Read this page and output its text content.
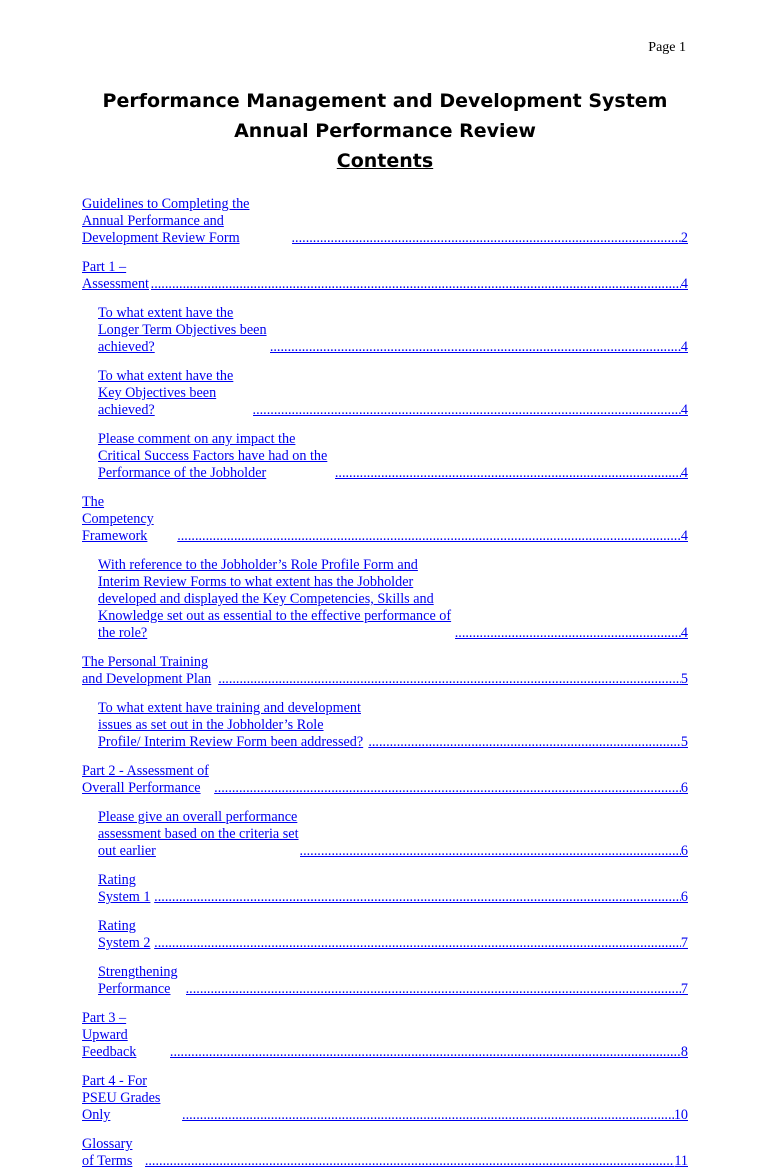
Page 1
Performance Management and Development System
Annual Performance Review
Contents
Guidelines to Completing the Annual Performance and Development Review Form .....	2
Part 1 – Assessment .....	4
To what extent have the Longer Term Objectives been achieved? .....	4
To what extent have the Key Objectives been achieved? .....	4
Please comment on any impact the Critical Success Factors have had on the Performance of the Jobholder .....	4
The Competency Framework .....	4
With reference to the Jobholder’s Role Profile Form and Interim Review Forms to what extent has the Jobholder developed and displayed the Key Competencies, Skills and Knowledge set out as essential to the effective performance of the role? .....	4
The Personal Training and Development Plan .....	5
To what extent have training and development issues as set out in the Jobholder’s Role Profile/ Interim Review Form been addressed? .....	5
Part 2 - Assessment of Overall Performance .....	6
Please give an overall performance assessment based on the criteria set out earlier .....	6
Rating System 1 .....	6
Rating System 2 .....	7
Strengthening Performance .....	7
Part 3 – Upward Feedback .....	8
Part 4 - For PSEU Grades Only .....	10
Glossary of Terms .....	11
